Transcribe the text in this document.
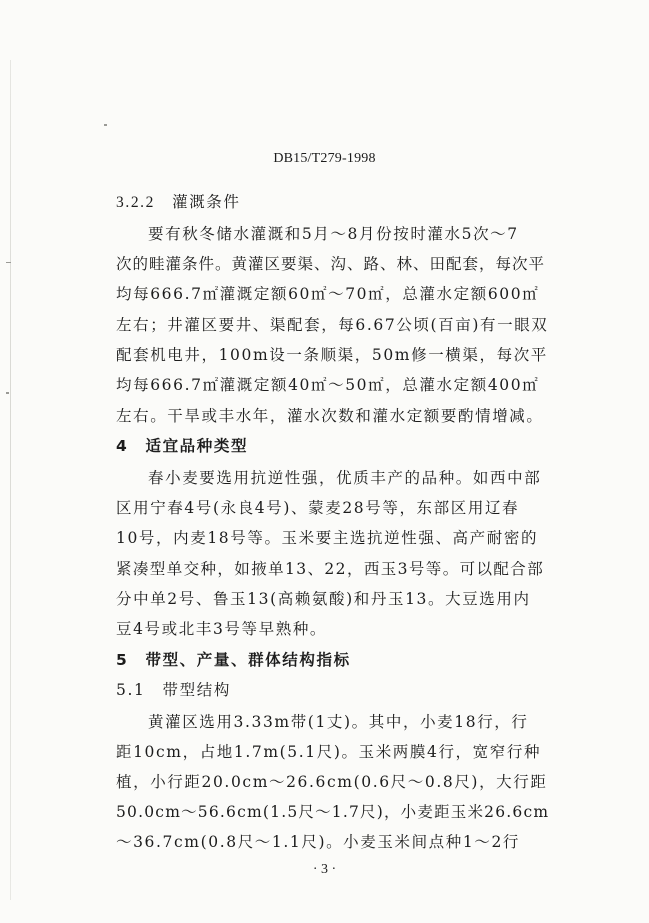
DB15/T279-1998
3.2.2　灌溉条件
要有秋冬储水灌溉和5月～8月份按时灌水5次～7
次的畦灌条件。黄灌区要渠、沟、路、林、田配套，每次平
均每666.7㎡灌溉定额60㎡～70㎡，总灌水定额600㎡
左右；井灌区要井、渠配套，每6.67公顷(百亩)有一眼双
配套机电井，100m设一条顺渠，50m修一横渠，每次平
均每666.7㎡灌溉定额40㎡～50㎡，总灌水定额400㎡
左右。干旱或丰水年，灌水次数和灌水定额要酌情增减。
4　适宜品种类型
春小麦要选用抗逆性强，优质丰产的品种。如西中部
区用宁春4号(永良4号)、蒙麦28号等，东部区用辽春
10号，内麦18号等。玉米要主选抗逆性强、高产耐密的
紧凑型单交种，如掖单13、22，西玉3号等。可以配合部
分中单2号、鲁玉13(高赖氨酸)和丹玉13。大豆选用内
豆4号或北丰3号等早熟种。
5　带型、产量、群体结构指标
5.1　带型结构
黄灌区选用3.33m带(1丈)。其中，小麦18行，行
距10cm，占地1.7m(5.1尺)。玉米两膜4行，宽窄行种
植，小行距20.0cm～26.6cm(0.6尺～0.8尺)，大行距
50.0cm～56.6cm(1.5尺～1.7尺)，小麦距玉米26.6cm
～36.7cm(0.8尺～1.1尺)。小麦玉米间点种1～2行
· 3 ·
